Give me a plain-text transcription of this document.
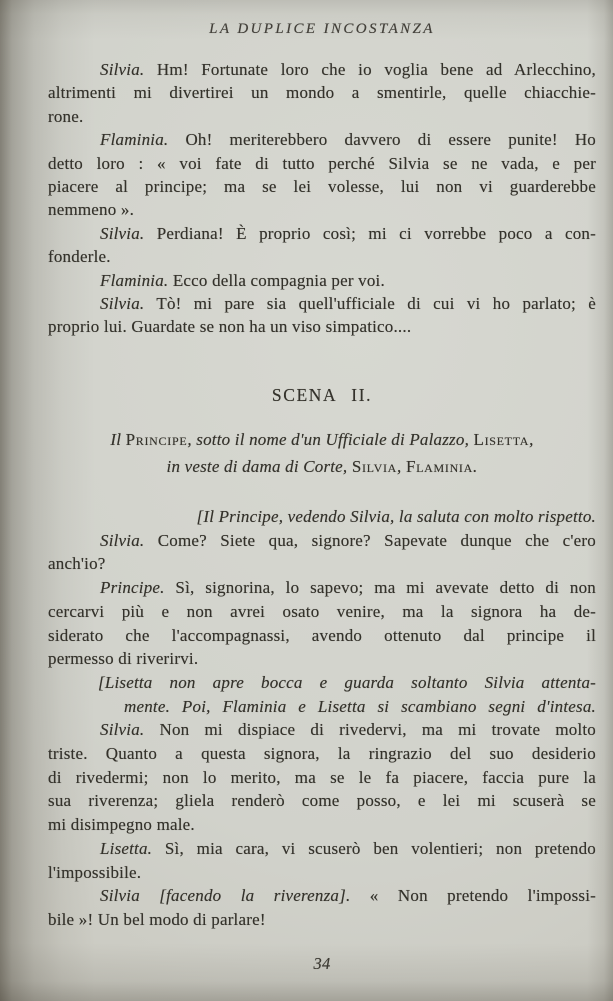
LA DUPLICE INCOSTANZA
Silvia. Hm! Fortunate loro che io voglia bene ad Arlecchino,
altrimenti mi divertirei un mondo a smentirle, quelle chiacchie-
rone.
Flaminia. Oh! meriterebbero davvero di essere punite! Ho
detto loro : « voi fate di tutto perché Silvia se ne vada, e per
piacere al principe; ma se lei volesse, lui non vi guarderebbe
nemmeno ».
Silvia. Perdiana! È proprio così; mi ci vorrebbe poco a con-
fonderle.
Flaminia. Ecco della compagnia per voi.
Silvia. Tò! mi pare sia quell'ufficiale di cui vi ho parlato; è
proprio lui. Guardate se non ha un viso simpatico....
SCENA II.
Il Principe, sotto il nome d'un Ufficiale di Palazzo, Lisetta,
in veste di dama di Corte, Silvia, Flaminia.
[Il Principe, vedendo Silvia, la saluta con molto rispetto.
Silvia. Come? Siete qua, signore? Sapevate dunque che c'ero
anch'io?
Principe. Sì, signorina, lo sapevo; ma mi avevate detto di non
cercarvi più e non avrei osato venire, ma la signora ha de-
siderato che l'accompagnassi, avendo ottenuto dal principe il
permesso di riverirvi.
[Lisetta non apre bocca e guarda soltanto Silvia attenta-
mente. Poi, Flaminia e Lisetta si scambiano segni d'intesa.
Silvia. Non mi dispiace di rivedervi, ma mi trovate molto
triste. Quanto a questa signora, la ringrazio del suo desiderio
di rivedermi; non lo merito, ma se le fa piacere, faccia pure la
sua riverenza; gliela renderò come posso, e lei mi scuserà se
mi disimpegno male.
Lisetta. Sì, mia cara, vi scuserò ben volentieri; non pretendo
l'impossibile.
Silvia [facendo la riverenza]. « Non pretendo l'impossi-
bile »! Un bel modo di parlare!
34
